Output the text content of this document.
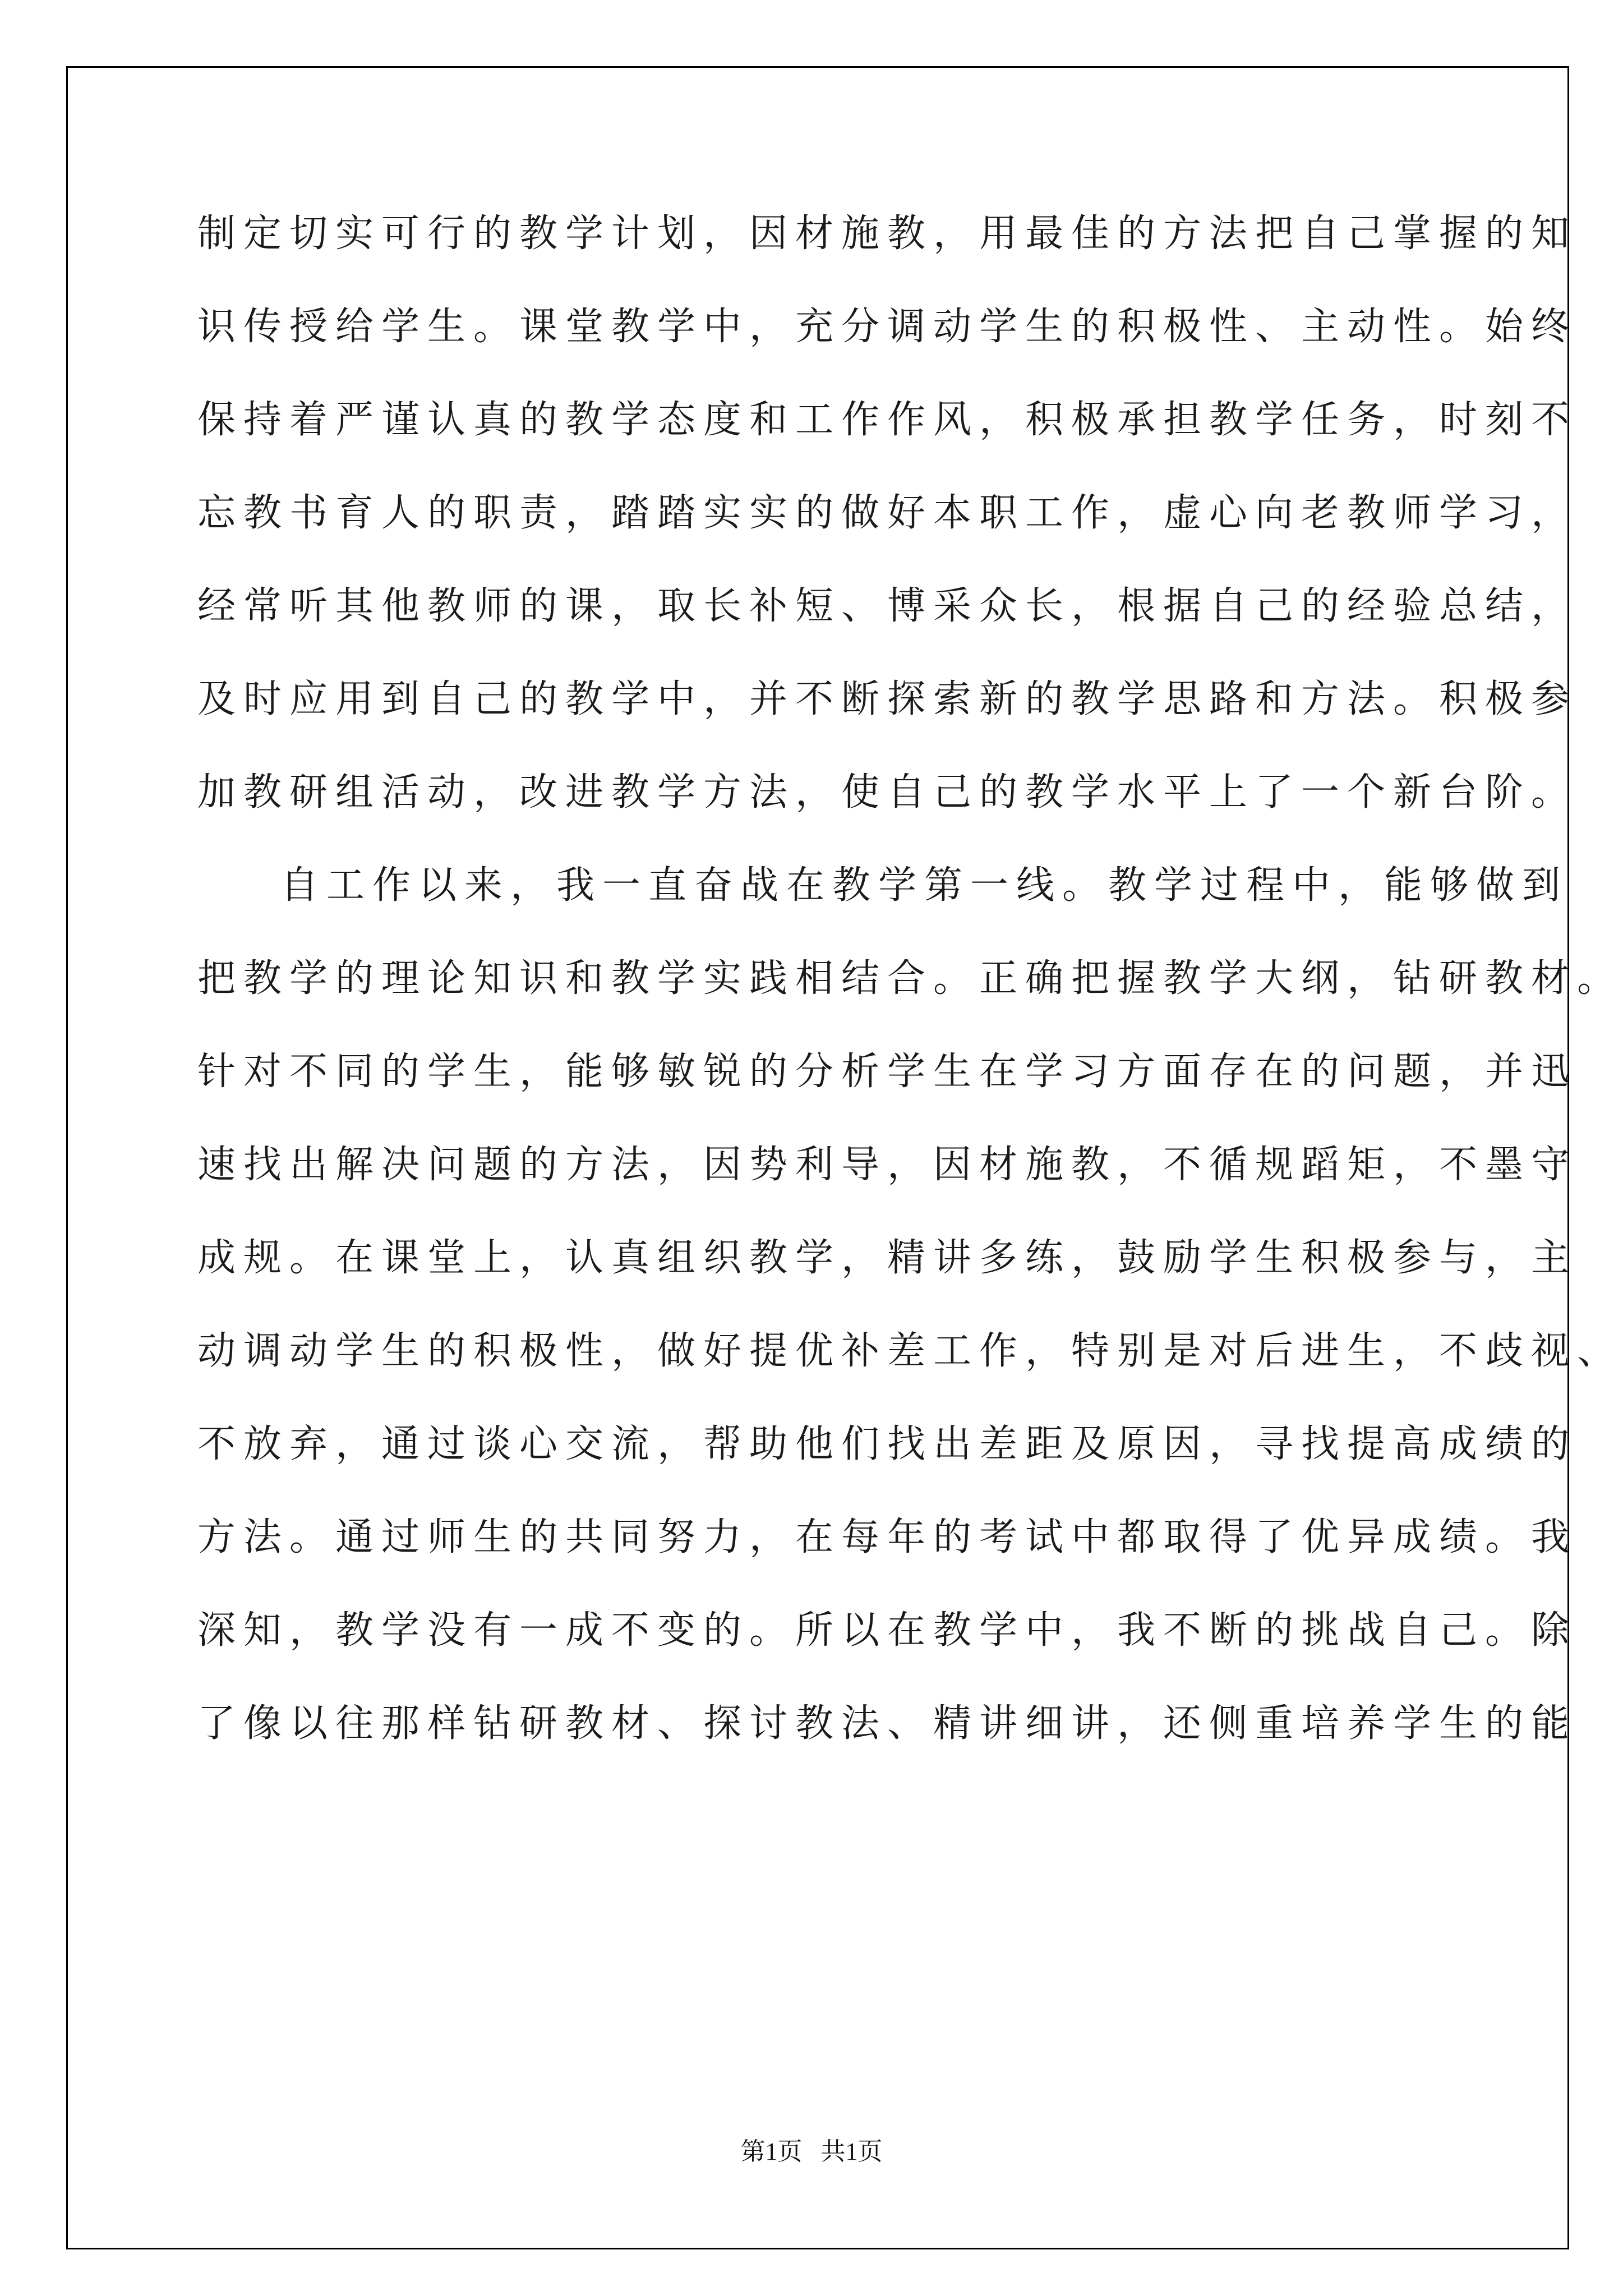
制定切实可行的教学计划，因材施教，用最佳的方法把自己掌握的知

识传授给学生。课堂教学中，充分调动学生的积极性、主动性。始终

保持着严谨认真的教学态度和工作作风，积极承担教学任务，时刻不

忘教书育人的职责，踏踏实实的做好本职工作，虚心向老教师学习，

经常听其他教师的课，取长补短、博采众长，根据自己的经验总结，

及时应用到自己的教学中，并不断探索新的教学思路和方法。积极参

加教研组活动，改进教学方法，使自己的教学水平上了一个新台阶。

自工作以来，我一直奋战在教学第一线。教学过程中，能够做到

把教学的理论知识和教学实践相结合。正确把握教学大纲，钻研教材。

针对不同的学生，能够敏锐的分析学生在学习方面存在的问题，并迅

速找出解决问题的方法，因势利导，因材施教，不循规蹈矩，不墨守

成规。在课堂上，认真组织教学，精讲多练，鼓励学生积极参与，主

动调动学生的积极性，做好提优补差工作，特别是对后进生，不歧视、

不放弃，通过谈心交流，帮助他们找出差距及原因，寻找提高成绩的

方法。通过师生的共同努力，在每年的考试中都取得了优异成绩。我

深知，教学没有一成不变的。所以在教学中，我不断的挑战自己。除

了像以往那样钻研教材、探讨教法、精讲细讲，还侧重培养学生的能

第1页 共1页
